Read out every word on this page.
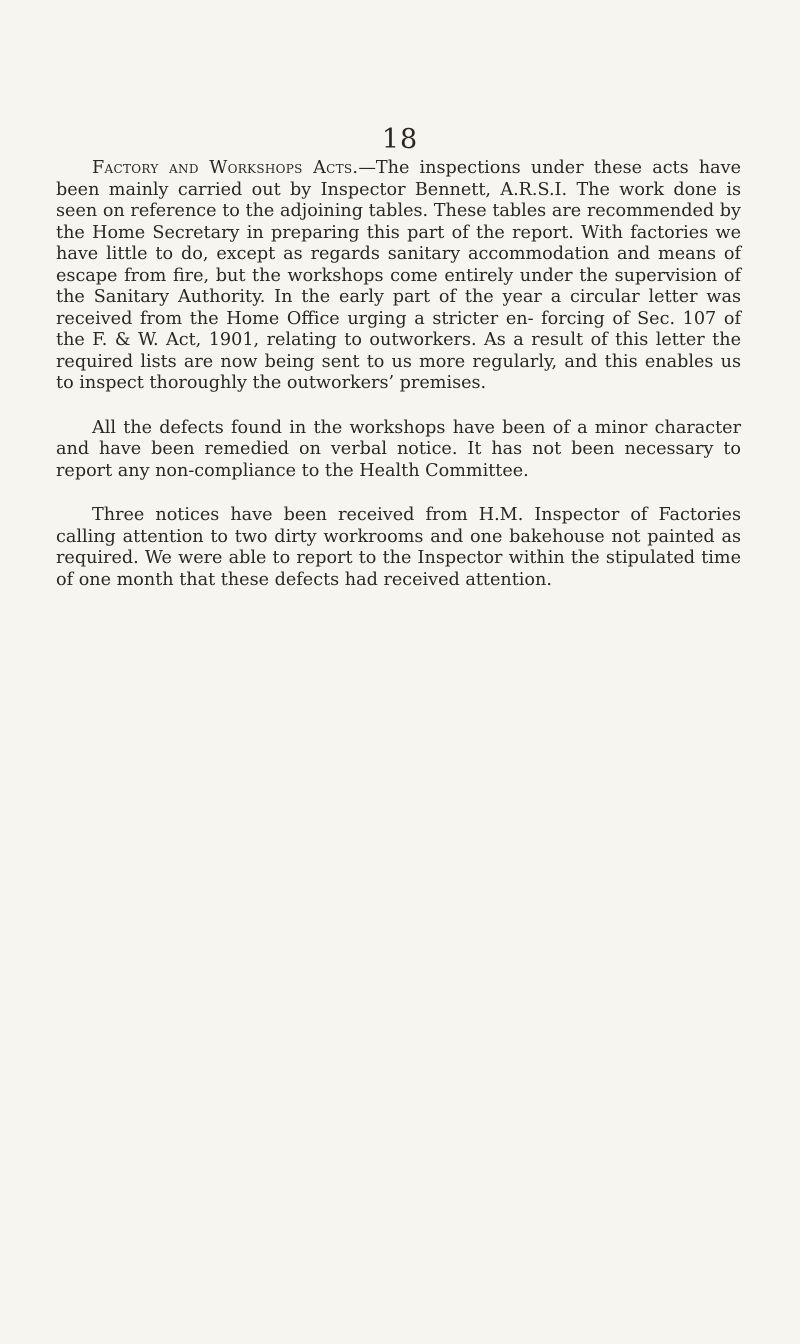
18

Factory and Workshops Acts.—The inspections under these acts have been mainly carried out by Inspector Bennett, A.R.S.I. The work done is seen on reference to the adjoining tables. These tables are recommended by the Home Secretary in preparing this part of the report. With factories we have little to do, except as regards sanitary accommodation and means of escape from fire, but the workshops come entirely under the supervision of the Sanitary Authority. In the early part of the year a circular letter was received from the Home Office urging a stricter en- forcing of Sec. 107 of the F. & W. Act, 1901, relating to outworkers. As a result of this letter the required lists are now being sent to us more regularly, and this enables us to inspect thoroughly the outworkers’ premises.

All the defects found in the workshops have been of a minor character and have been remedied on verbal notice. It has not been necessary to report any non-compliance to the Health Committee.

Three notices have been received from H.M. Inspector of Factories calling attention to two dirty workrooms and one bakehouse not painted as required. We were able to report to the Inspector within the stipulated time of one month that these defects had received attention.
